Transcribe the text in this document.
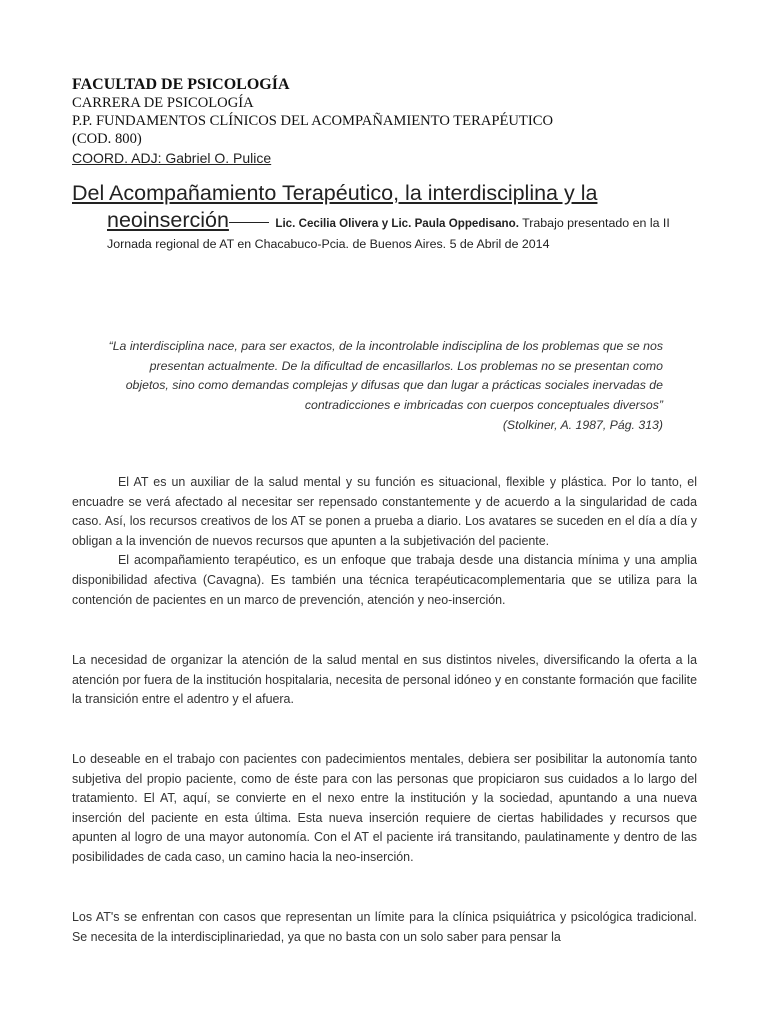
FACULTAD DE PSICOLOGÍA
CARRERA DE PSICOLOGÍA
P.P. FUNDAMENTOS CLÍNICOS DEL ACOMPAÑAMIENTO TERAPÉUTICO
(COD. 800)
COORD. ADJ: Gabriel O. Pulice
Del Acompañamiento Terapéutico, la interdisciplina y la
neoinserción	Lic. Cecilia Olivera y Lic. Paula Oppedisano. Trabajo presentado en la II
Jornada regional de AT en Chacabuco-Pcia. de Buenos Aires. 5 de Abril de 2014
“La interdisciplina nace, para ser exactos, de la incontrolable indisciplina de los problemas que se nos presentan actualmente. De la dificultad de encasillarlos. Los problemas no se presentan como objetos, sino como demandas complejas y difusas que dan lugar a prácticas sociales inervadas de contradicciones e imbricadas con cuerpos conceptuales diversos”
(Stolkiner, A. 1987, Pág. 313)

El AT es un auxiliar de la salud mental y su función es situacional, flexible y plástica. Por lo tanto, el encuadre se verá afectado al necesitar ser repensado constantemente y de acuerdo a la singularidad de cada caso. Así, los recursos creativos de los AT se ponen a prueba a diario. Los avatares se suceden en el día a día y obligan a la invención de nuevos recursos que apunten a la subjetivación del paciente.

El acompañamiento terapéutico, es un enfoque que trabaja desde una distancia mínima y una amplia disponibilidad afectiva (Cavagna). Es también una técnica terapéuticacomplementaria que se utiliza para la contención de pacientes en un marco de prevención, atención y neo-inserción.

La necesidad de organizar la atención de la salud mental en sus distintos niveles, diversificando la oferta a la atención por fuera de la institución hospitalaria, necesita de personal idóneo y en constante formación que facilite la transición entre el adentro y el afuera.

Lo deseable en el trabajo con pacientes con padecimientos mentales, debiera ser posibilitar la autonomía tanto subjetiva del propio paciente, como de éste para con las personas que propiciaron sus cuidados a lo largo del tratamiento. El AT, aquí, se convierte en el nexo entre la institución y la sociedad, apuntando a una nueva inserción del paciente en esta última. Esta nueva inserción requiere de ciertas habilidades y recursos que apunten al logro de una mayor autonomía. Con el AT el paciente irá transitando, paulatinamente y dentro de las posibilidades de cada caso, un camino hacia la neo-inserción.

Los AT's se enfrentan con casos que representan un límite para la clínica psiquiátrica y psicológica tradicional. Se necesita de la interdisciplinariedad, ya que no basta con un solo saber para pensar la
